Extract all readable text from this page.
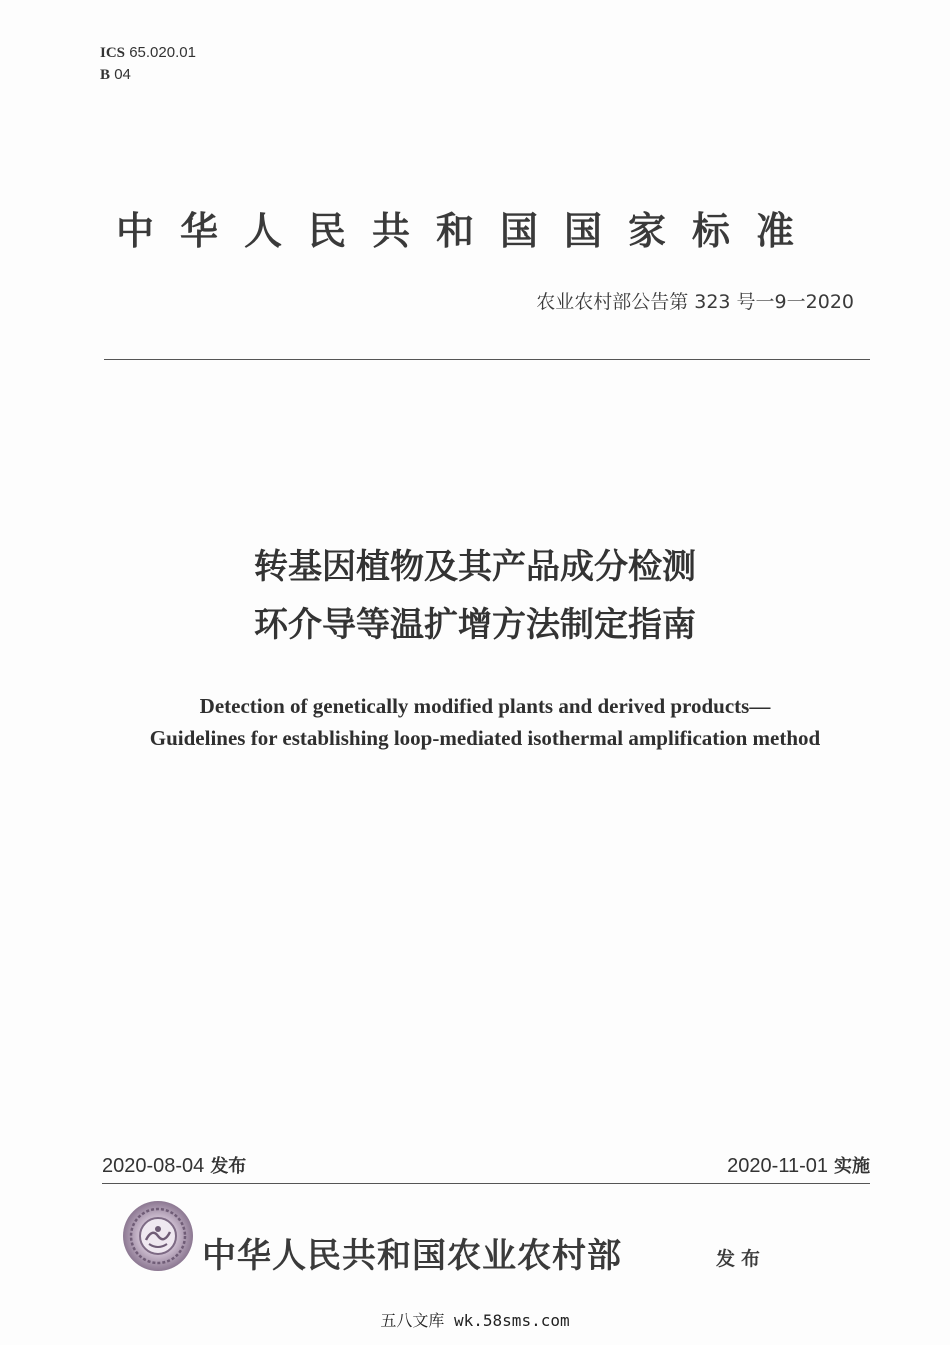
ICS 65.020.01
B 04
中华人民共和国国家标准
农业农村部公告第 323 号一9一2020
转基因植物及其产品成分检测
环介导等温扩增方法制定指南
Detection of genetically modified plants and derived products—
Guidelines for establishing loop-mediated isothermal amplification method
2020-08-04 发布	2020-11-01 实施
中华人民共和国农业农村部	发布
五八文库 wk.58sms.com
